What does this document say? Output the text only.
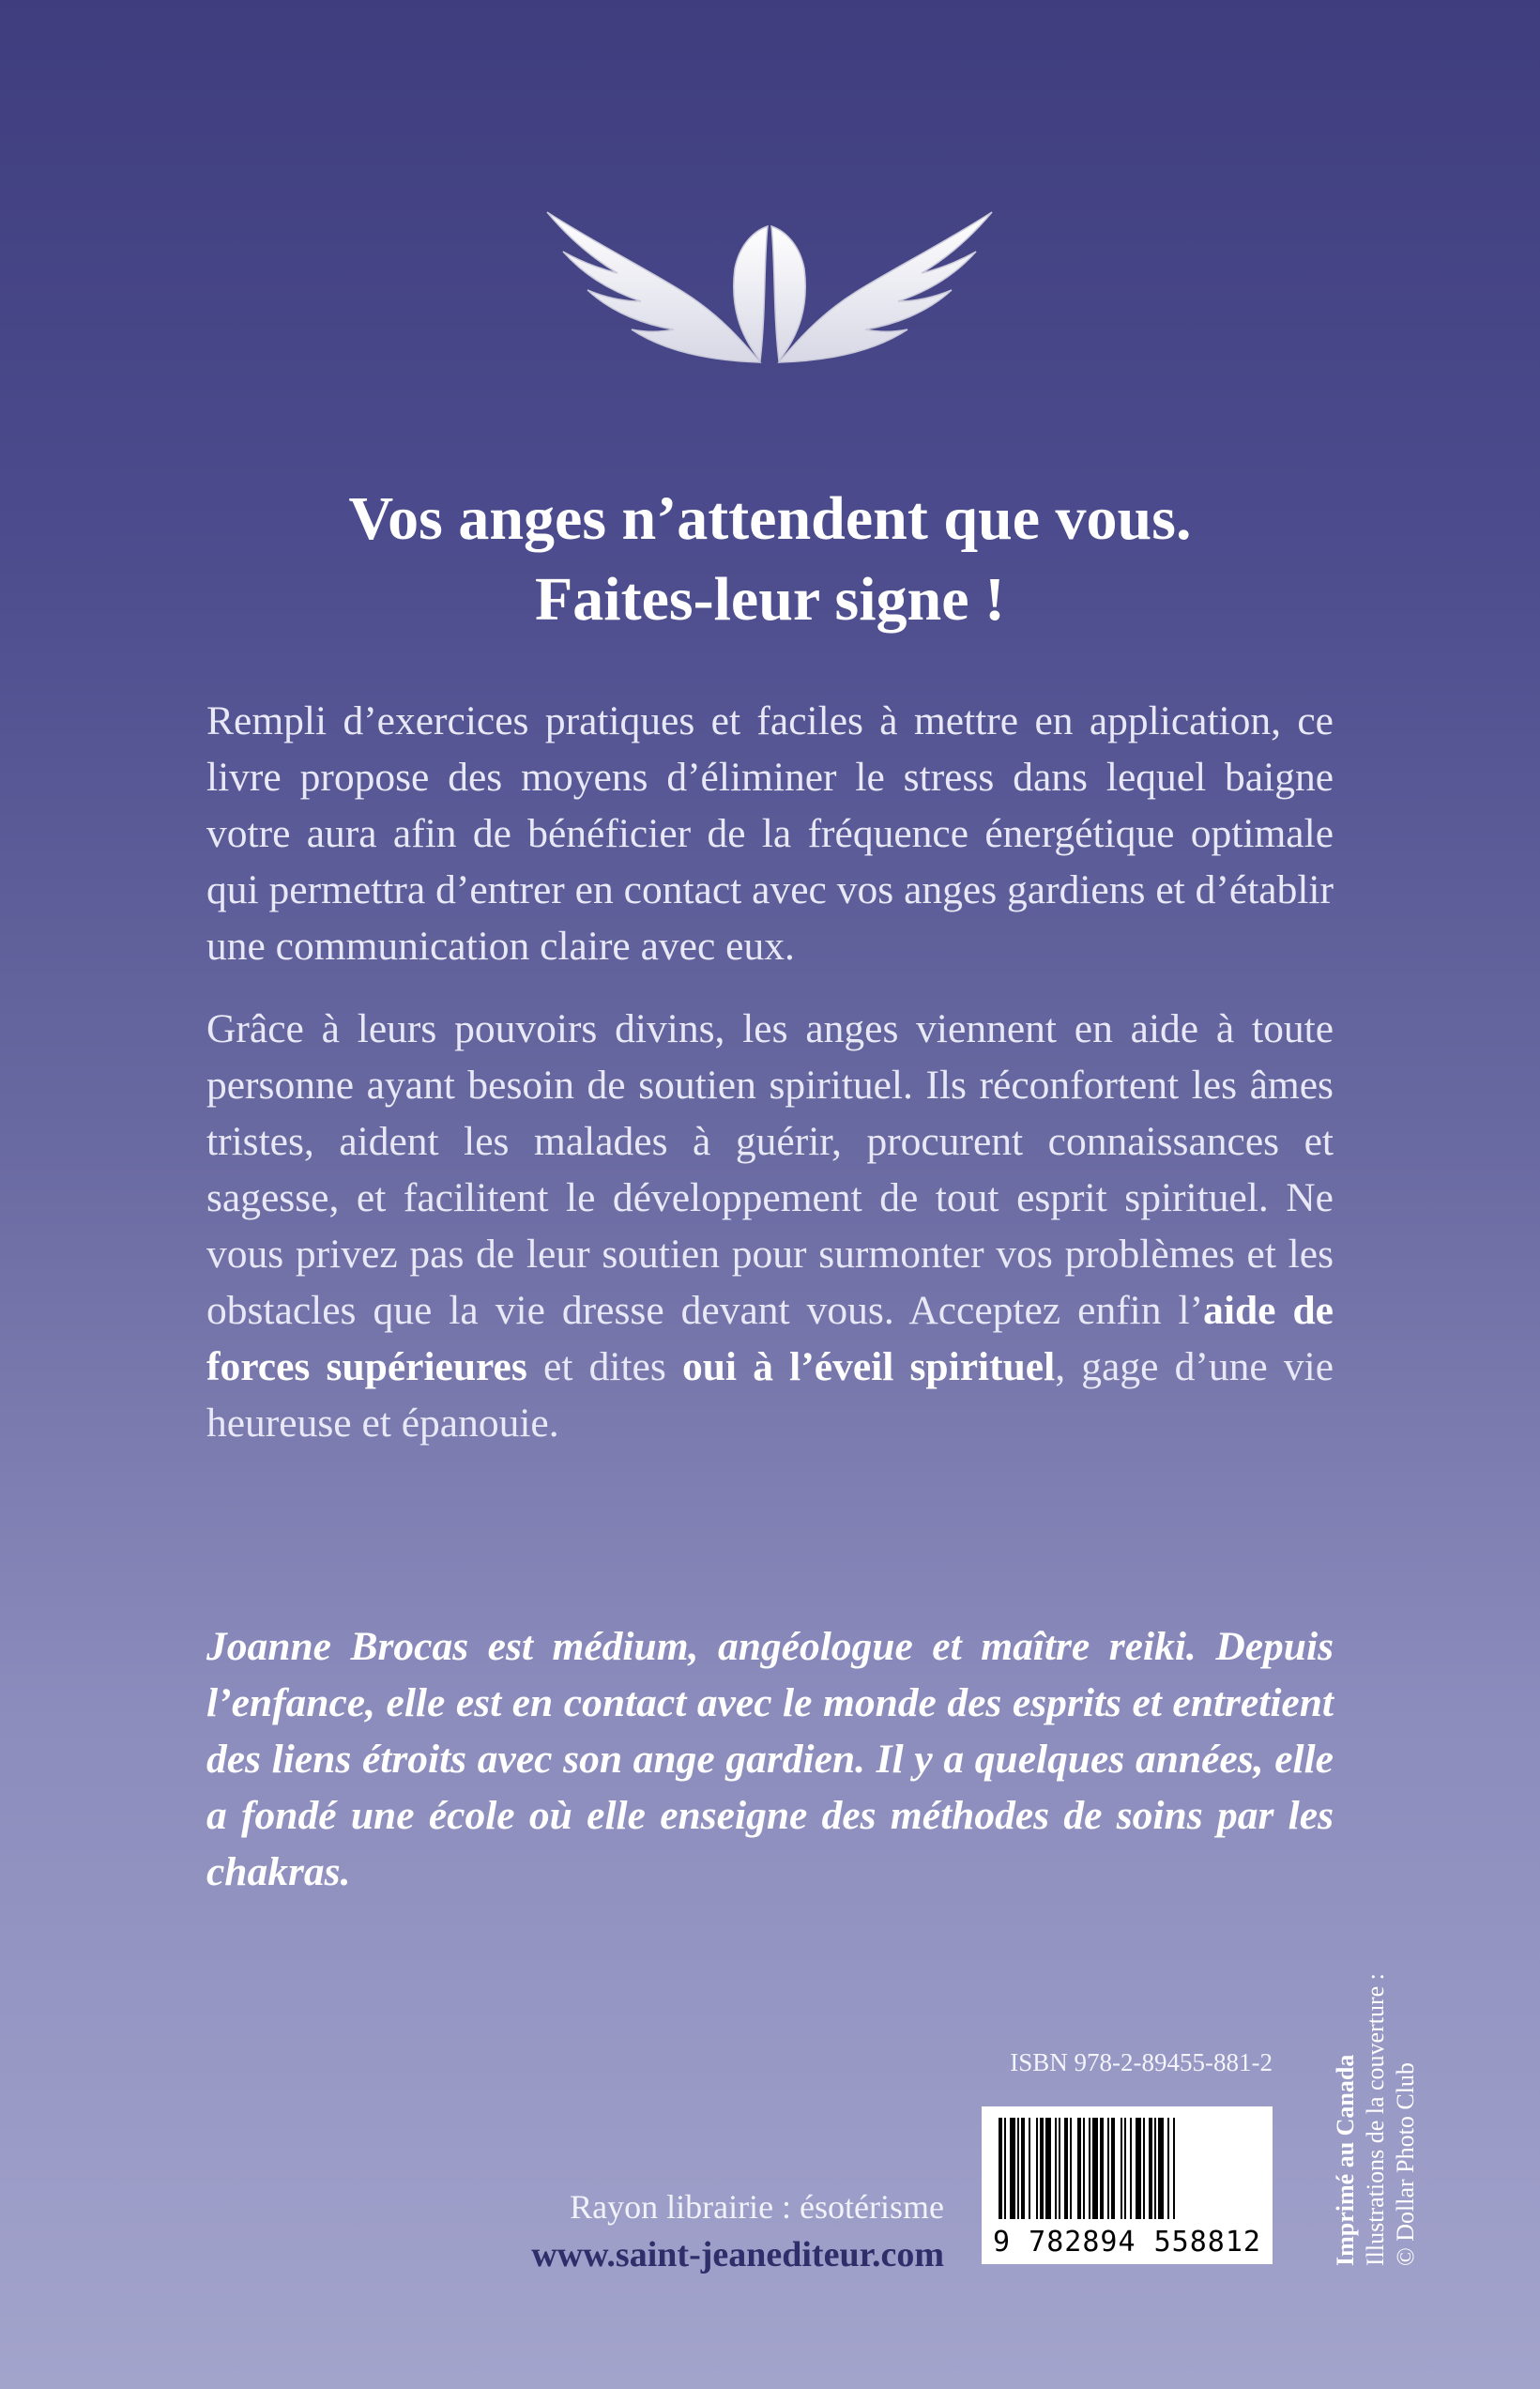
Vos anges n’attendent que vous.
Faites-leur signe !

Rempli d’exercices pratiques et faciles à mettre en application, ce livre propose des moyens d’éliminer le stress dans lequel baigne votre aura afin de bénéficier de la fréquence énergétique optimale qui permettra d’entrer en contact avec vos anges gardiens et d’établir une communication claire avec eux.

Grâce à leurs pouvoirs divins, les anges viennent en aide à toute personne ayant besoin de soutien spirituel. Ils réconfortent les âmes tristes, aident les malades à guérir, procurent connaissances et sagesse, et facilitent le développement de tout esprit spirituel. Ne vous privez pas de leur soutien pour surmonter vos problèmes et les obstacles que la vie dresse devant vous. Acceptez enfin l’aide de forces supérieures et dites oui à l’éveil spirituel, gage d’une vie heureuse et épanouie.

Joanne Brocas est médium, angéologue et maître reiki. Depuis l’enfance, elle est en contact avec le monde des esprits et entretient des liens étroits avec son ange gardien. Il y a quelques années, elle a fondé une école où elle enseigne des méthodes de soins par les chakras.
ISBN 978-2-89455-881-2
9 782894 558812
Rayon librairie : ésotérisme
www.saint-jeanediteur.com	Imprimé au Canada Illustrations de la couverture : © Dollar Photo Club
